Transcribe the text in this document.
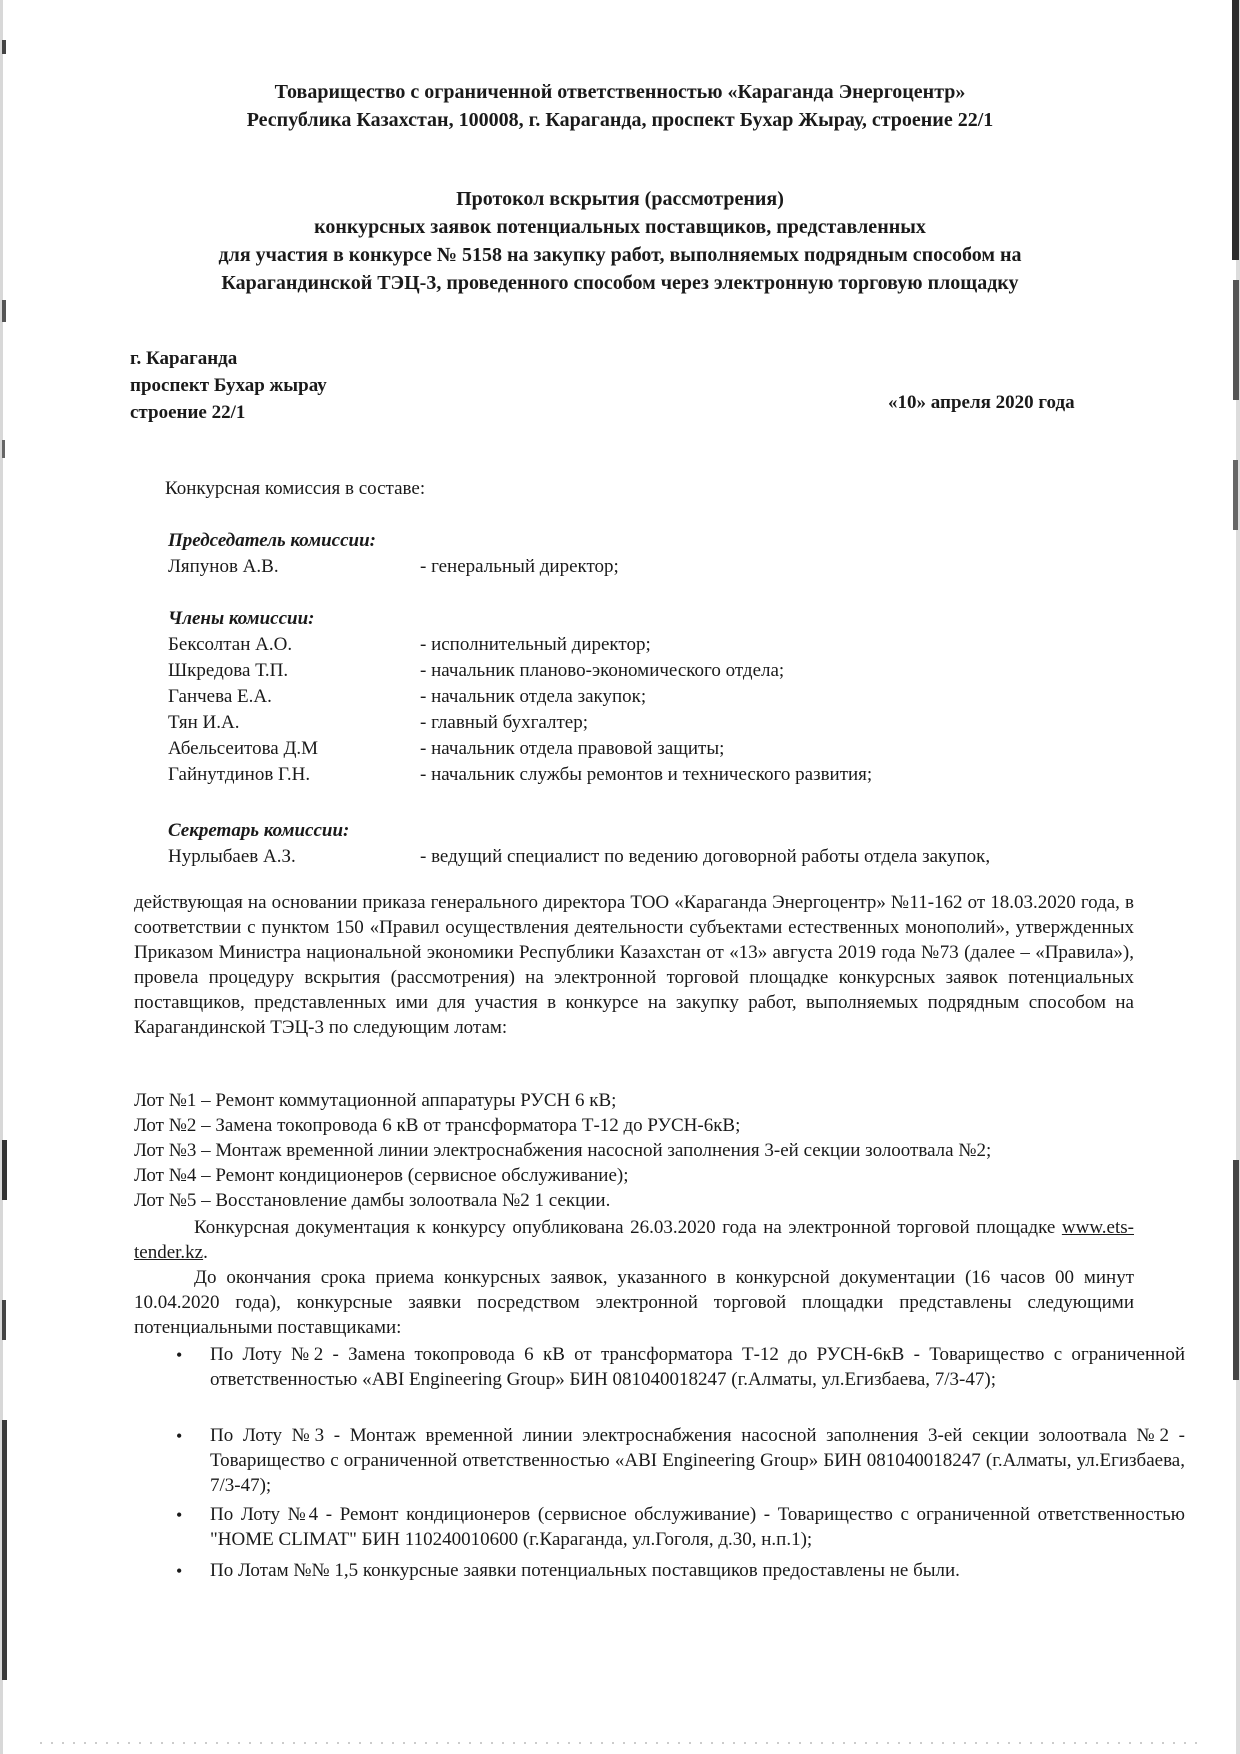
Товарищество с ограниченной ответственностью «Караганда Энергоцентр»
Республика Казахстан, 100008, г. Караганда, проспект Бухар Жырау, строение 22/1
Протокол вскрытия (рассмотрения)
конкурсных заявок потенциальных поставщиков, представленных
для участия в конкурсе № 5158 на закупку работ, выполняемых подрядным способом на
Карагандинской ТЭЦ-3, проведенного способом через электронную торговую площадку
г. Караганда
проспект Бухар жырау
строение 22/1	«10» апреля 2020 года
Конкурсная комиссия в составе:
Председатель комиссии:
Ляпунов А.В.	- генеральный директор;
Члены комиссии:
Бексолтан А.О.	- исполнительный директор;
Шкредова Т.П.	- начальник планово-экономического отдела;
Ганчева Е.А.	- начальник отдела закупок;
Тян И.А.	- главный бухгалтер;
Абельсеитова Д.М	- начальник отдела правовой защиты;
Гайнутдинов Г.Н.	- начальник службы ремонтов и технического развития;
Секретарь комиссии:
Нурлыбаев А.З.	- ведущий специалист по ведению договорной работы отдела закупок,
действующая на основании приказа генерального директора ТОО «Караганда Энергоцентр» №11-162 от 18.03.2020 года, в соответствии с пунктом 150 «Правил осуществления деятельности субъектами естественных монополий», утвержденных Приказом Министра национальной экономики Республики Казахстан от «13» августа 2019 года №73 (далее – «Правила»), провела процедуру вскрытия (рассмотрения) на электронной торговой площадке конкурсных заявок потенциальных поставщиков, представленных ими для участия в конкурсе на закупку работ, выполняемых подрядным способом на Карагандинской ТЭЦ-3 по следующим лотам:
Лот №1 – Ремонт коммутационной аппаратуры РУСН 6 кВ;
Лот №2 – Замена токопровода 6 кВ от трансформатора Т-12 до РУСН-6кВ;
Лот №3 – Монтаж временной линии электроснабжения насосной заполнения 3-ей секции золоотвала №2;
Лот №4 – Ремонт кондиционеров (сервисное обслуживание);
Лот №5 – Восстановление дамбы золоотвала №2 1 секции.
Конкурсная документация к конкурсу опубликована 26.03.2020 года на электронной торговой площадке www.ets-tender.kz.
До окончания срока приема конкурсных заявок, указанного в конкурсной документации (16 часов 00 минут 10.04.2020 года), конкурсные заявки посредством электронной торговой площадки представлены следующими потенциальными поставщиками:
• По Лоту №2 - Замена токопровода 6 кВ от трансформатора Т-12 до РУСН-6кВ - Товарищество с ограниченной ответственностью «ABI Engineering Group» БИН 081040018247 (г.Алматы, ул.Егизбаева, 7/3-47);
• По Лоту №3 - Монтаж временной линии электроснабжения насосной заполнения 3-ей секции золоотвала №2 - Товарищество с ограниченной ответственностью «ABI Engineering Group» БИН 081040018247 (г.Алматы, ул.Егизбаева, 7/3-47);
• По Лоту №4 - Ремонт кондиционеров (сервисное обслуживание) - Товарищество с ограниченной ответственностью "HOME CLIMAT" БИН 110240010600 (г.Караганда, ул.Гоголя, д.30, н.п.1);
• По Лотам №№ 1,5 конкурсные заявки потенциальных поставщиков предоставлены не были.
